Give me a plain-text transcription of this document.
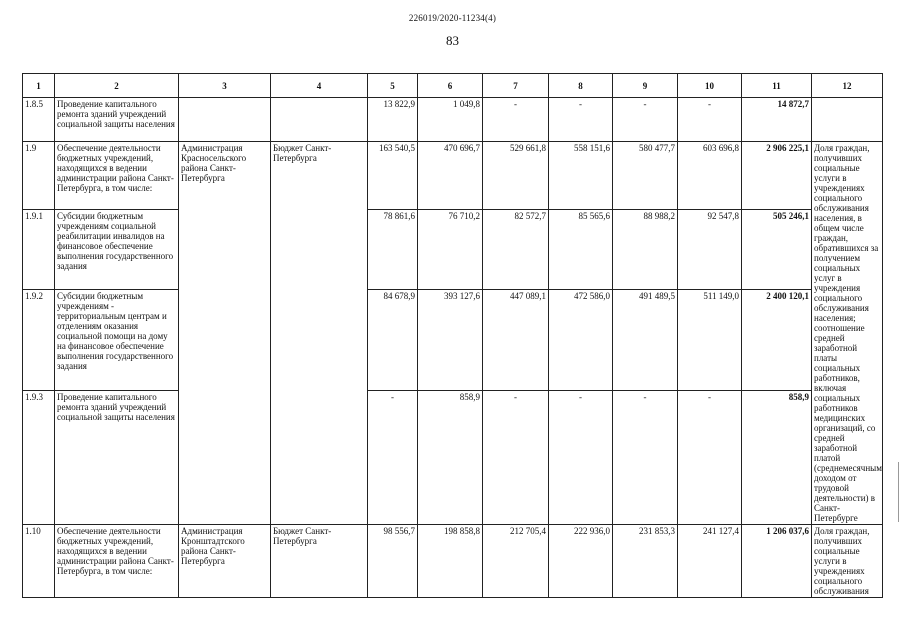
226019/2020-11234(4)
83
1	2	3	4	5	6	7	8	9	10	11	12
1.8.5	Проведение капитального ремонта зданий учреждений социальной защиты населения			13 822,9	1 049,8	-	-	-	-	14 872,7	
1.9	Обеспечение деятельности бюджетных учреждений, находящихся в ведении администрации района Санкт-Петербурга, в том числе:	Администрация Красносельского района Санкт-Петербурга	Бюджет Санкт-Петербурга	163 540,5	470 696,7	529 661,8	558 151,6	580 477,7	603 696,8	2 906 225,1	Доля граждан, получивших социальные услуги в учреждениях социального обслуживания населения, в общем числе граждан, обратившихся за получением социальных услуг в учреждения социального обслуживания населения; соотношение средней заработной платы социальных работников, включая социальных работников медицинских организаций, со средней заработной платой (среднемесячным доходом от трудовой деятельности) в Санкт-Петербурге
1.9.1	Субсидии бюджетным учреждениям социальной реабилитации инвалидов на финансовое обеспечение выполнения государственного задания			78 861,6	76 710,2	82 572,7	85 565,6	88 988,2	92 547,8	505 246,1	
1.9.2	Субсидии бюджетным учреждениям - территориальным центрам и отделениям оказания социальной помощи на дому на финансовое обеспечение выполнения государственного задания			84 678,9	393 127,6	447 089,1	472 586,0	491 489,5	511 149,0	2 400 120,1	
1.9.3	Проведение капитального ремонта зданий учреждений социальной защиты населения			-	858,9	-	-	-	-	858,9	
1.10	Обеспечение деятельности бюджетных учреждений, находящихся в ведении администрации района Санкт-Петербурга, в том числе:	Администрация Кронштадтского района Санкт-Петербурга	Бюджет Санкт-Петербурга	98 556,7	198 858,8	212 705,4	222 936,0	231 853,3	241 127,4	1 206 037,6	Доля граждан, получивших социальные услуги в учреждениях социального обслуживания
